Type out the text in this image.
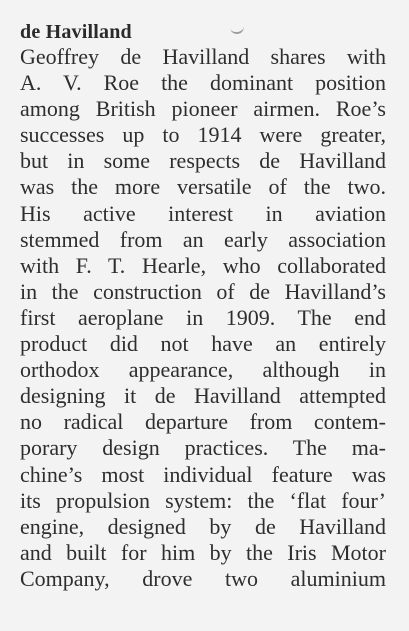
de Havilland
Geoffrey de Havilland shares with
A. V. Roe the dominant position
among British pioneer airmen. Roe’s
successes up to 1914 were greater,
but in some respects de Havilland
was the more versatile of the two.
His active interest in aviation
stemmed from an early association
with F. T. Hearle, who collaborated
in the construction of de Havilland’s
first aeroplane in 1909. The end
product did not have an entirely
orthodox appearance, although in
designing it de Havilland attempted
no radical departure from contem-
porary design practices. The ma-
chine’s most individual feature was
its propulsion system: the ‘flat four’
engine, designed by de Havilland
and built for him by the Iris Motor
Company, drove two aluminium
